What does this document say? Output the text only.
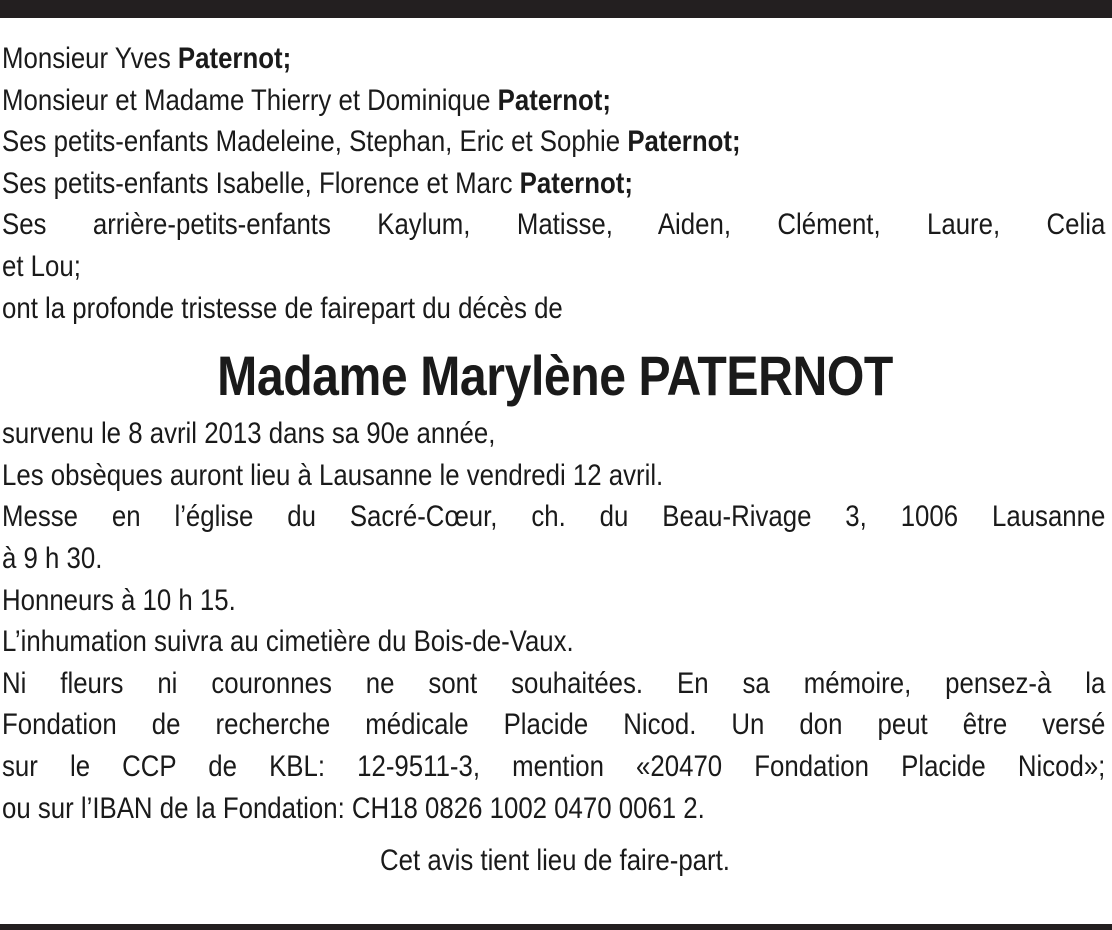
Monsieur Yves Paternot;
Monsieur et Madame Thierry et Dominique Paternot;
Ses petits-enfants Madeleine, Stephan, Eric et Sophie Paternot;
Ses petits-enfants Isabelle, Florence et Marc Paternot;
Ses arrière-petits-enfants Kaylum, Matisse, Aiden, Clément, Laure, Celia
et Lou;
ont la profonde tristesse de fairepart du décès de
Madame Marylène PATERNOT
survenu le 8 avril 2013 dans sa 90e année,
Les obsèques auront lieu à Lausanne le vendredi 12 avril.
Messe en l’église du Sacré-Cœur, ch. du Beau-Rivage 3, 1006 Lausanne
à 9 h 30.
Honneurs à 10 h 15.
L’inhumation suivra au cimetière du Bois-de-Vaux.
Ni fleurs ni couronnes ne sont souhaitées. En sa mémoire, pensez-à la
Fondation de recherche médicale Placide Nicod. Un don peut être versé
sur le CCP de KBL: 12-9511-3, mention «20470 Fondation Placide Nicod»;
ou sur l’IBAN de la Fondation: CH18 0826 1002 0470 0061 2.
Cet avis tient lieu de faire-part.
